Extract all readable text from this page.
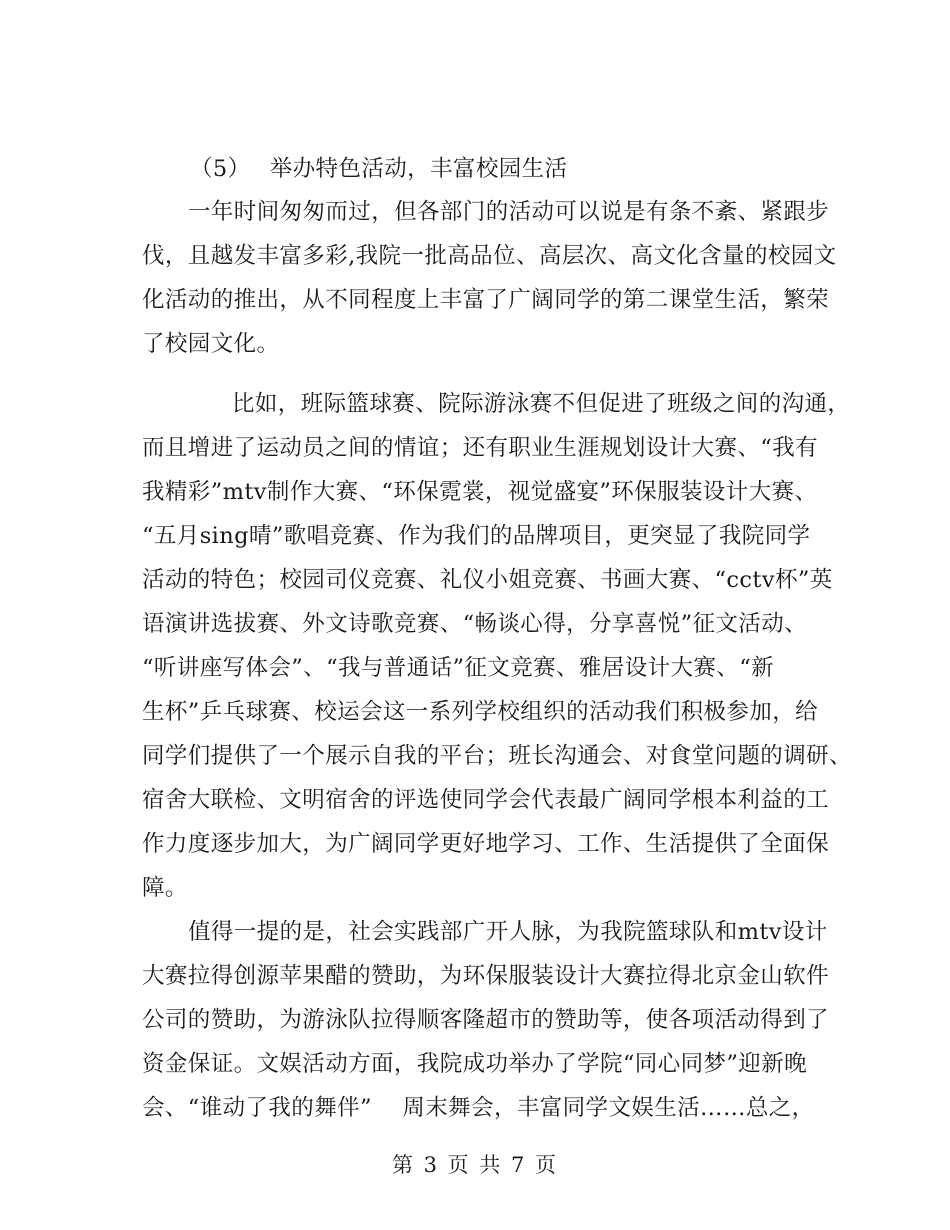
（5）　 举办特色活动，丰富校园生活
一年时间匆匆而过，但各部门的活动可以说是有条不紊、紧跟步
伐，且越发丰富多彩,我院一批高品位、高层次、高文化含量的校园文
化活动的推出，从不同程度上丰富了广阔同学的第二课堂生活，繁荣
了校园文化。
比如，班际篮球赛、院际游泳赛不但促进了班级之间的沟通，
而且增进了运动员之间的情谊；还有职业生涯规划设计大赛、“我有
我精彩”mtv制作大赛、“环保霓裳，视觉盛宴”环保服装设计大赛、
“五月sing晴”歌唱竞赛、作为我们的品牌项目，更突显了我院同学
活动的特色；校园司仪竞赛、礼仪小姐竞赛、书画大赛、“cctv杯”英
语演讲选拔赛、外文诗歌竞赛、“畅谈心得，分享喜悦”征文活动、
“听讲座写体会”、“我与普通话”征文竞赛、雅居设计大赛、“新
生杯”乒乓球赛、校运会这一系列学校组织的活动我们积极参加，给
同学们提供了一个展示自我的平台；班长沟通会、对食堂问题的调研、
宿舍大联检、文明宿舍的评选使同学会代表最广阔同学根本利益的工
作力度逐步加大，为广阔同学更好地学习、工作、生活提供了全面保
障。
值得一提的是，社会实践部广开人脉，为我院篮球队和mtv设计
大赛拉得创源苹果醋的赞助，为环保服装设计大赛拉得北京金山软件
公司的赞助，为游泳队拉得顺客隆超市的赞助等，使各项活动得到了
资金保证。文娱活动方面，我院成功举办了学院“同心同梦”迎新晚
会、“谁动了我的舞伴”　 周末舞会，丰富同学文娱生活……总之，
第 3 页 共 7 页
